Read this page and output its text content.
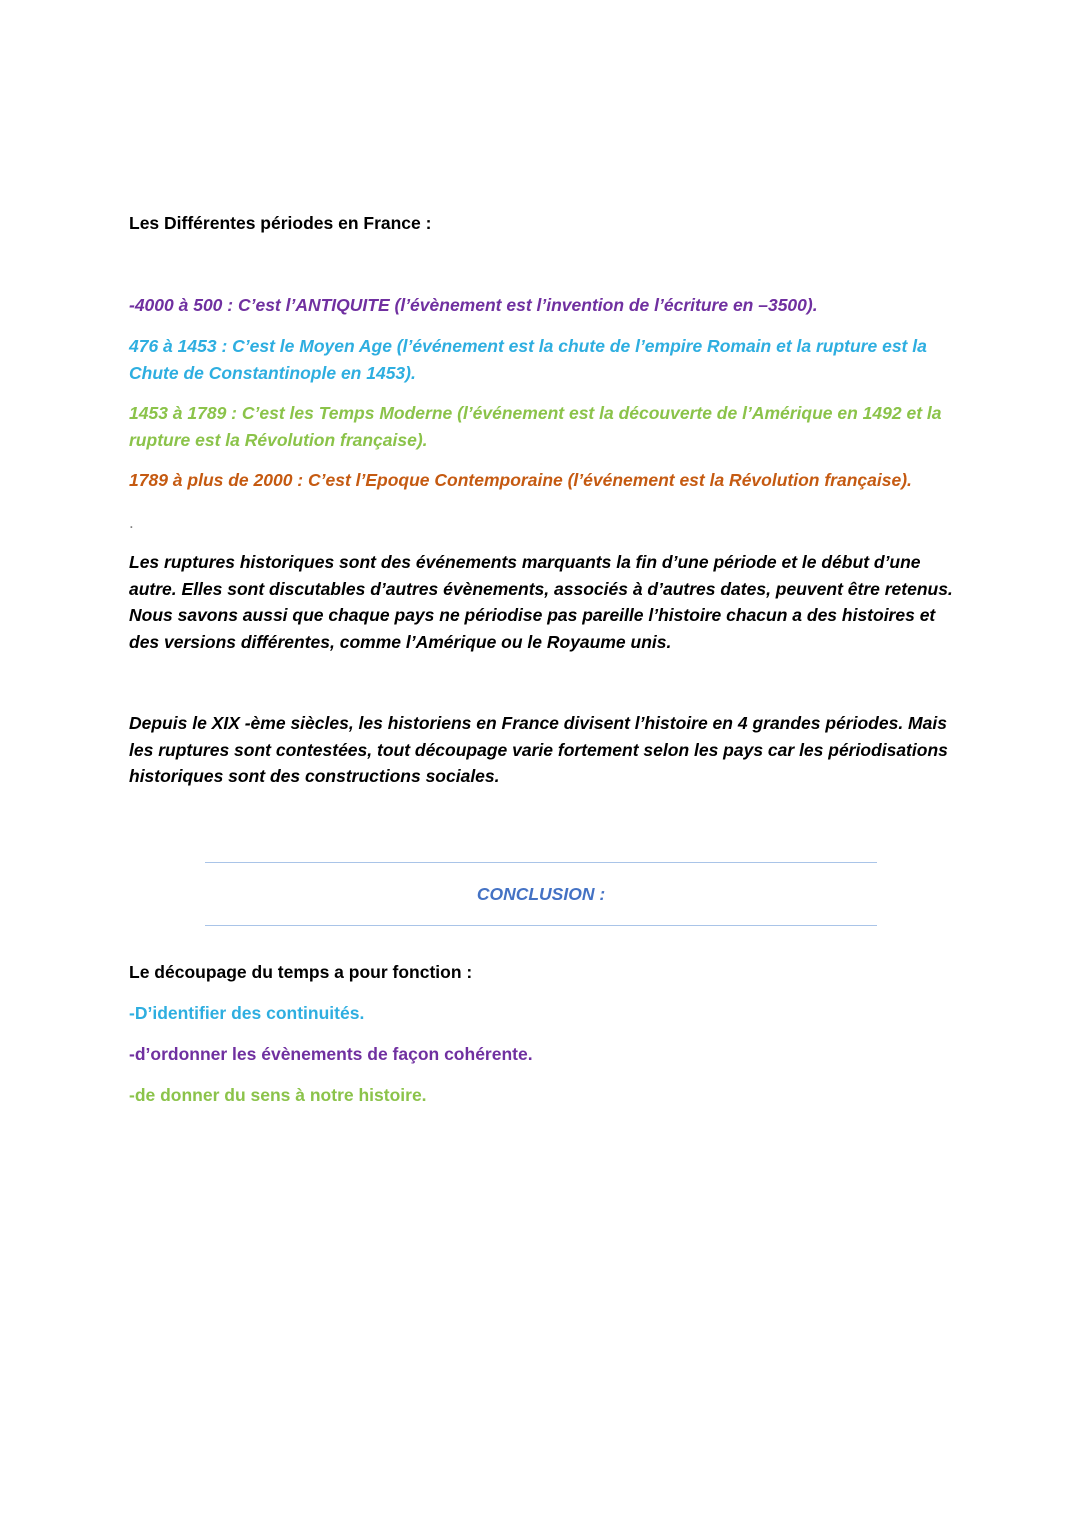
Les Différentes périodes en France :
-4000 à 500 : C’est l’ANTIQUITE (l’évènement est l’invention de l’écriture en –3500).
476 à 1453 : C’est le Moyen Age (l’événement est la chute de l’empire Romain et la rupture est la Chute de Constantinople en 1453).
1453 à 1789 : C’est les Temps Moderne (l’événement est la découverte de l’Amérique en 1492 et la rupture est la Révolution française).
1789 à plus de 2000 : C’est l’Epoque Contemporaine (l’événement est la Révolution française).
.
Les ruptures historiques sont des événements marquants la fin d’une période et le début d’une autre. Elles sont discutables d’autres évènements, associés à d’autres dates, peuvent être retenus. Nous savons aussi que chaque pays ne périodise pas pareille l’histoire chacun a des histoires et des versions différentes, comme l’Amérique ou le Royaume unis.
Depuis le XIX -ème siècles, les historiens en France divisent l’histoire en 4 grandes périodes. Mais les ruptures sont contestées, tout découpage varie fortement selon les pays car les périodisations historiques sont des constructions sociales.
CONCLUSION :
Le découpage du temps a pour fonction :
-D’identifier des continuités.
-d’ordonner les évènements de façon cohérente.
-de donner du sens à notre histoire.
